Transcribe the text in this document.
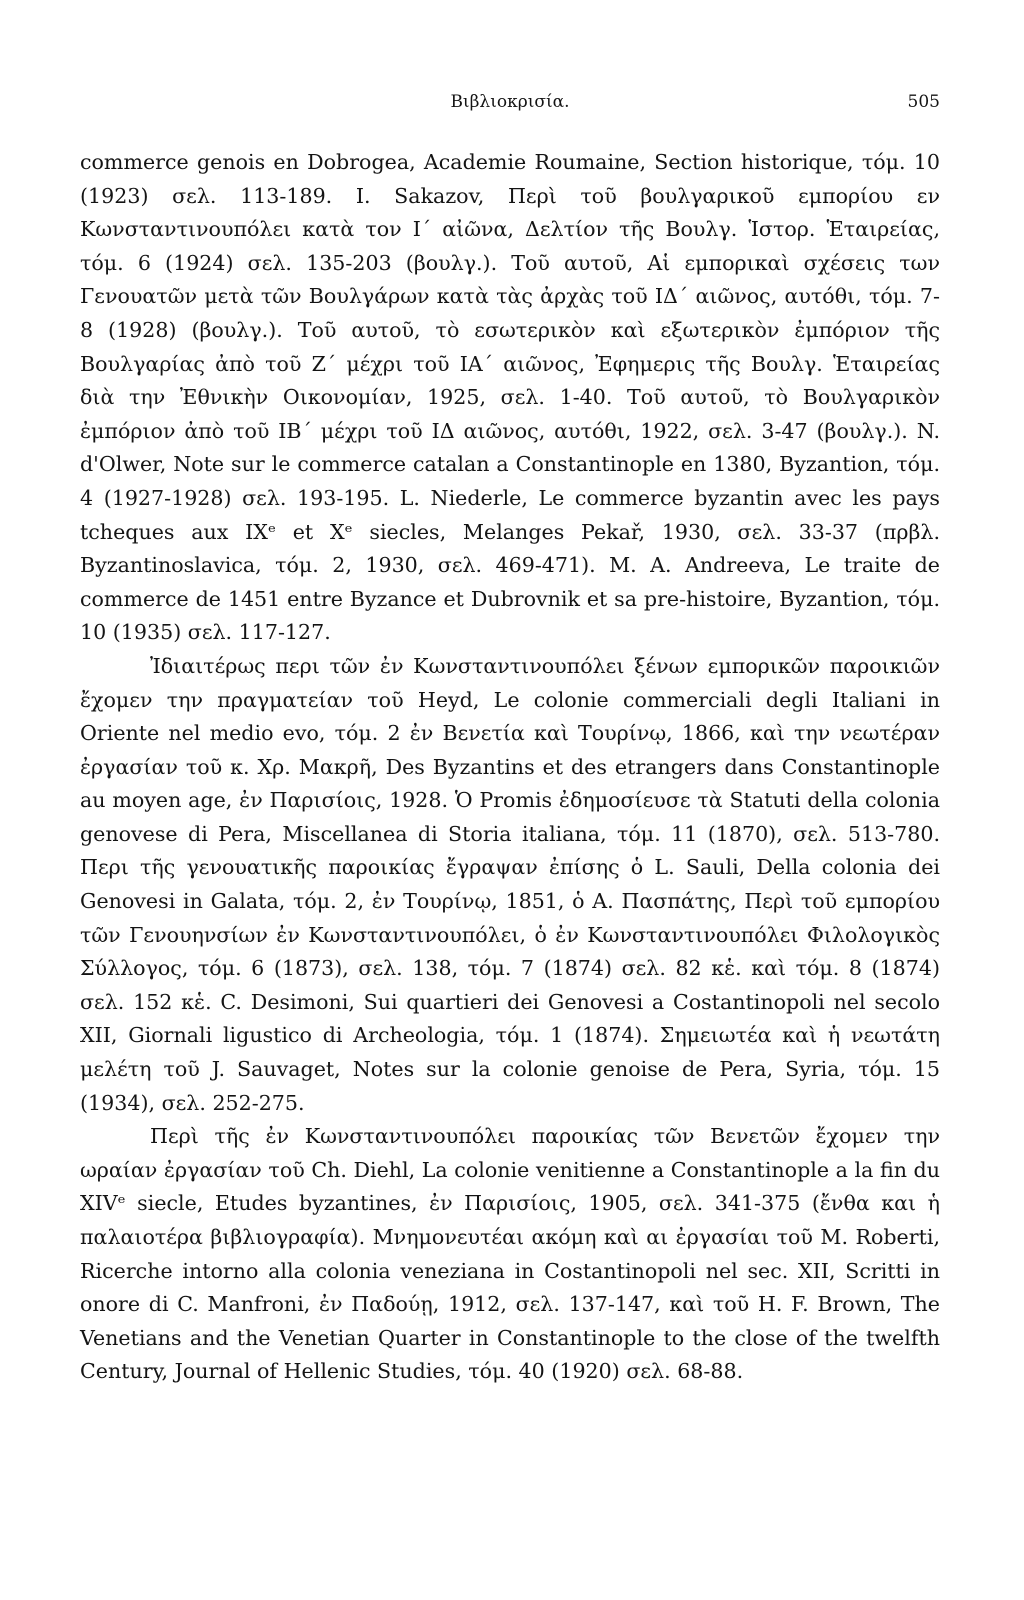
Βιβλιοκρισία.	505

commerce genois en Dobrogea, Academie Roumaine, Section historique, τόμ. 10 (1923) σελ. 113-189. I. Sakazov, Περὶ τοῦ βουλγαρικοῦ εμπορίου εν Κωνσταντινουπόλει κατὰ τον Ι΄ αἰῶνα, Δελτίον τῆς Βουλγ. Ἱστορ. Ἑταιρείας, τόμ. 6 (1924) σελ. 135-203 (βουλγ.). Τοῦ αυτοῦ, Αἱ εμπορικαὶ σχέσεις των Γενουατῶν μετὰ τῶν Βουλγάρων κατὰ τὰς ἀρχὰς τοῦ ΙΔ΄ αιῶνος, αυτόθι, τόμ. 7-8 (1928) (βουλγ.). Τοῦ αυτοῦ, τὸ εσωτερικὸν καὶ εξωτερικὸν ἐμπόριον τῆς Βουλγαρίας ἀπὸ τοῦ Ζ΄ μέχρι τοῦ ΙΑ΄ αιῶνος, Ἐφημερις τῆς Βουλγ. Ἑταιρείας διὰ την Ἐθνικὴν Οικονομίαν, 1925, σελ. 1-40. Τοῦ αυτοῦ, τὸ Βουλγαρικὸν ἐμπόριον ἀπὸ τοῦ ΙΒ΄ μέχρι τοῦ ΙΔ αιῶνος, αυτόθι, 1922, σελ. 3-47 (βουλγ.). N. d'Olwer, Note sur le commerce catalan a Constantinople en 1380, Byzantion, τόμ. 4 (1927-1928) σελ. 193-195. L. Niederle, Le commerce byzantin avec les pays tcheques aux IXᵉ et Xᵉ siecles, Melanges Pekař, 1930, σελ. 33-37 (πρβλ. Byzantinoslavica, τόμ. 2, 1930, σελ. 469-471). M. A. Andreeva, Le traite de commerce de 1451 entre Byzance et Dubrovnik et sa pre-histoire, Byzantion, τόμ. 10 (1935) σελ. 117-127.

Ἰδιαιτέρως περι τῶν ἐν Κωνσταντινουπόλει ξένων εμπορικῶν παροικιῶν ἔχομεν την πραγματείαν τοῦ Heyd, Le colonie commerciali degli Italiani in Oriente nel medio evo, τόμ. 2 ἐν Βενετία καὶ Τουρίνῳ, 1866, καὶ την νεωτέραν ἐργασίαν τοῦ κ. Χρ. Μακρῆ, Des Byzantins et des etrangers dans Constantinople au moyen age, ἐν Παρισίοις, 1928. Ὁ Promis ἐδημοσίευσε τὰ Statuti della colonia genovese di Pera, Miscellanea di Storia italiana, τόμ. 11 (1870), σελ. 513-780. Περι τῆς γενουατικῆς παροικίας ἔγραψαν ἐπίσης ὁ L. Sauli, Della colonia dei Genovesi in Galata, τόμ. 2, ἐν Τουρίνῳ, 1851, ὁ Α. Πασπάτης, Περὶ τοῦ εμπορίου τῶν Γενουηνσίων ἐν Κωνσταντινουπόλει, ὁ ἐν Κωνσταντινουπόλει Φιλολογικὸς Σύλλογος, τόμ. 6 (1873), σελ. 138, τόμ. 7 (1874) σελ. 82 κἑ. καὶ τόμ. 8 (1874) σελ. 152 κἑ. C. Desimoni, Sui quartieri dei Genovesi a Costantinopoli nel secolo XII, Giornali ligustico di Archeologia, τόμ. 1 (1874). Σημειωτέα καὶ ἡ νεωτάτη μελέτη τοῦ J. Sauvaget, Notes sur la colonie genoise de Pera, Syria, τόμ. 15 (1934), σελ. 252-275.

Περὶ τῆς ἐν Κωνσταντινουπόλει παροικίας τῶν Βενετῶν ἔχομεν την ωραίαν ἐργασίαν τοῦ Ch. Diehl, La colonie venitienne a Constantinople a la fin du XIVᵉ siecle, Etudes byzantines, ἐν Παρισίοις, 1905, σελ. 341-375 (ἔνθα και ἡ παλαιοτέρα βιβλιογραφία). Μνημονευτέαι ακόμη καὶ αι ἐργασίαι τοῦ M. Roberti, Ricerche intorno alla colonia veneziana in Costantinopoli nel sec. XII, Scritti in onore di C. Manfroni, ἐν Παδούῃ, 1912, σελ. 137-147, καὶ τοῦ H. F. Brown, The Venetians and the Venetian Quarter in Constantinople to the close of the twelfth Century, Journal of Hellenic Studies, τόμ. 40 (1920) σελ. 68-88.
